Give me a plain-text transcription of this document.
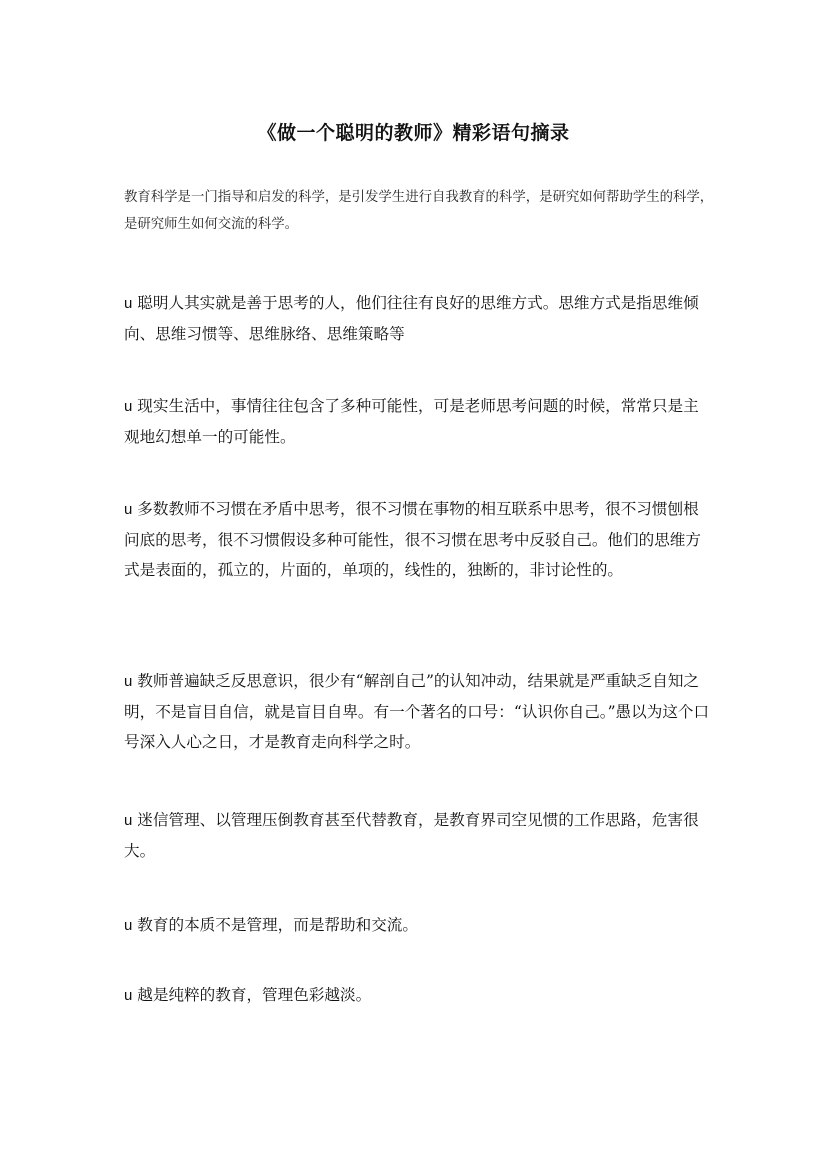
《做一个聪明的教师》精彩语句摘录
教育科学是一门指导和启发的科学，是引发学生进行自我教育的科学，是研究如何帮助学生的科学，是研究师生如何交流的科学。
u 聪明人其实就是善于思考的人，他们往往有良好的思维方式。思维方式是指思维倾向、思维习惯等、思维脉络、思维策略等
u 现实生活中，事情往往包含了多种可能性，可是老师思考问题的时候，常常只是主观地幻想单一的可能性。
u 多数教师不习惯在矛盾中思考，很不习惯在事物的相互联系中思考，很不习惯刨根问底的思考，很不习惯假设多种可能性，很不习惯在思考中反驳自己。他们的思维方式是表面的，孤立的，片面的，单项的，线性的，独断的，非讨论性的。
u 教师普遍缺乏反思意识，很少有“解剖自己”的认知冲动，结果就是严重缺乏自知之明，不是盲目自信，就是盲目自卑。有一个著名的口号：“认识你自己。”愚以为这个口号深入人心之日，才是教育走向科学之时。
u 迷信管理、以管理压倒教育甚至代替教育，是教育界司空见惯的工作思路，危害很大。
u 教育的本质不是管理，而是帮助和交流。
u 越是纯粹的教育，管理色彩越淡。
